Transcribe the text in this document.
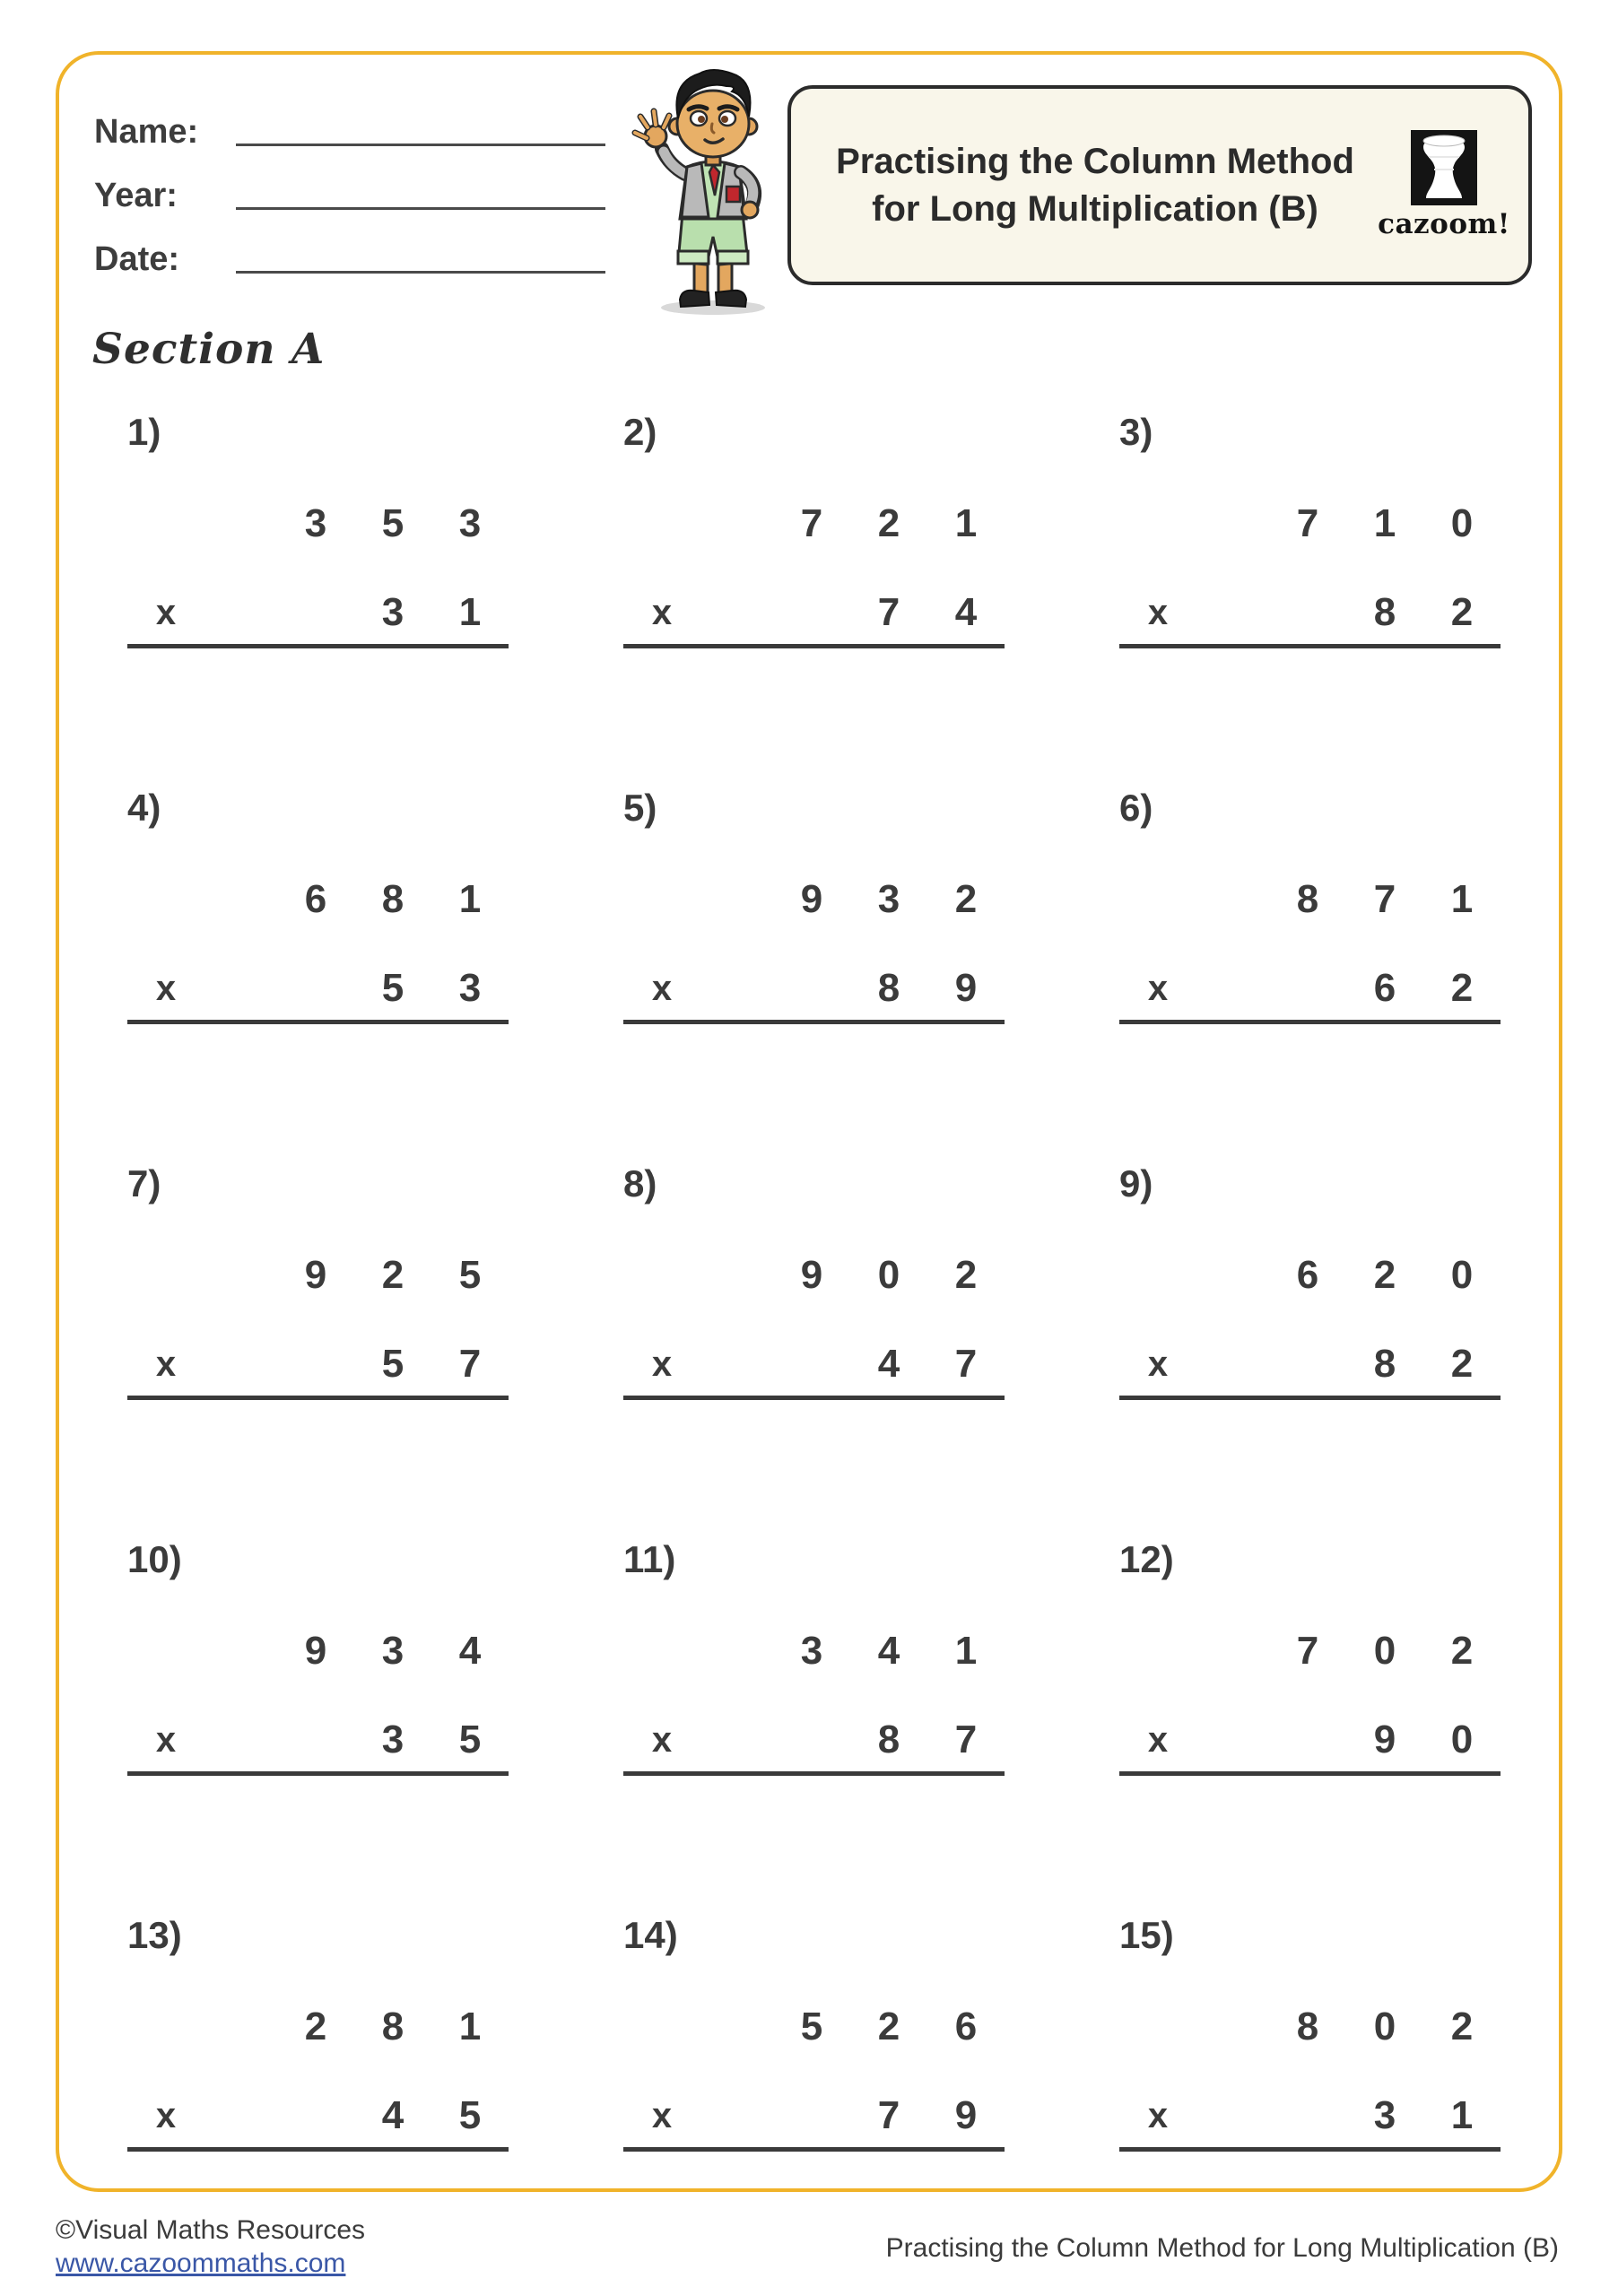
Name:
Year:
Date:
Practising the Column Method
for Long Multiplication (B)	cazoom!
Section A
1)
3	5	3
x	3	1
2)
7	2	1
x	7	4
3)
7	1	0
x	8	2
4)
6	8	1
x	5	3
5)
9	3	2
x	8	9
6)
8	7	1
x	6	2
7)
9	2	5
x	5	7
8)
9	0	2
x	4	7
9)
6	2	0
x	8	2
10)
9	3	4
x	3	5
11)
3	4	1
x	8	7
12)
7	0	2
x	9	0
13)
2	8	1
x	4	5
14)
5	2	6
x	7	9
15)
8	0	2
x	3	1
©Visual Maths Resources
www.cazoommaths.com
Practising the Column Method for Long Multiplication (B)
